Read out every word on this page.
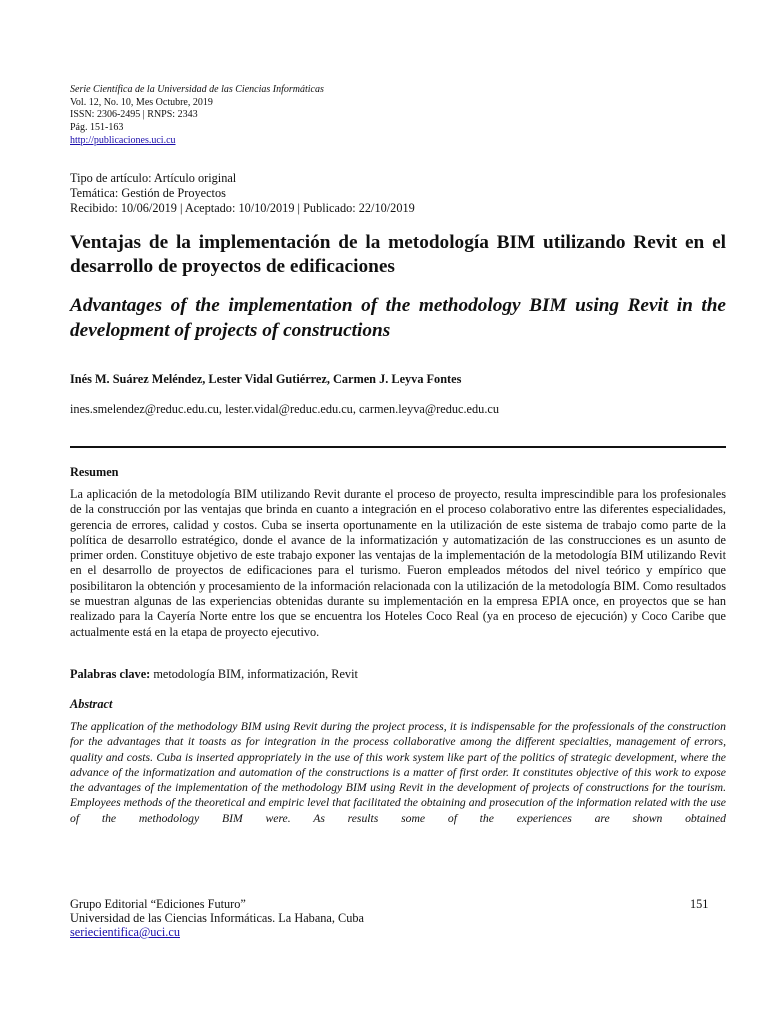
Serie Científica de la Universidad de las Ciencias Informáticas
Vol. 12, No. 10, Mes Octubre, 2019
ISSN: 2306-2495 | RNPS: 2343
Pág. 151-163
http://publicaciones.uci.cu
Tipo de artículo: Artículo original
Temática: Gestión de Proyectos
Recibido: 10/06/2019 | Aceptado: 10/10/2019 | Publicado: 22/10/2019
Ventajas de la implementación de la metodología BIM utilizando Revit en el desarrollo de proyectos de edificaciones
Advantages of the implementation of the methodology BIM using Revit in the development of projects of constructions
Inés M. Suárez Meléndez, Lester Vidal Gutiérrez, Carmen J. Leyva Fontes
ines.smelendez@reduc.edu.cu, lester.vidal@reduc.edu.cu, carmen.leyva@reduc.edu.cu
Resumen
La aplicación de la metodología BIM utilizando Revit durante el proceso de proyecto, resulta imprescindible para los profesionales de la construcción por las ventajas que brinda en cuanto a integración en el proceso colaborativo entre las diferentes especialidades, gerencia de errores, calidad y costos. Cuba se inserta oportunamente en la utilización de este sistema de trabajo como parte de la política de desarrollo estratégico, donde el avance de la informatización y automatización de las construcciones es un asunto de primer orden. Constituye objetivo de este trabajo exponer las ventajas de la implementación de la metodología BIM utilizando Revit en el desarrollo de proyectos de edificaciones para el turismo. Fueron empleados métodos del nivel teórico y empírico que posibilitaron la obtención y procesamiento de la información relacionada con la utilización de la metodología BIM. Como resultados se muestran algunas de las experiencias obtenidas durante su implementación en la empresa EPIA once, en proyectos que se han realizado para la Cayería Norte entre los que se encuentra los Hoteles Coco Real (ya en proceso de ejecución) y Coco Caribe que actualmente está en la etapa de proyecto ejecutivo.
Palabras clave: metodología BIM, informatización, Revit
Abstract
The application of the methodology BIM using Revit during the project process, it is indispensable for the professionals of the construction for the advantages that it toasts as for integration in the process collaborative among the different specialties, management of errors, quality and costs. Cuba is inserted appropriately in the use of this work system like part of the politics of strategic development, where the advance of the informatization and automation of the constructions is a matter of first order. It constitutes objective of this work to expose the advantages of the implementation of the methodology BIM using Revit in the development of projects of constructions for the tourism. Employees methods of the theoretical and empiric level that facilitated the obtaining and prosecution of the information related with the use of the methodology BIM were. As results some of the experiences are shown obtained
Grupo Editorial “Ediciones Futuro”
Universidad de las Ciencias Informáticas. La Habana, Cuba
seriecientifica@uci.cu
151
